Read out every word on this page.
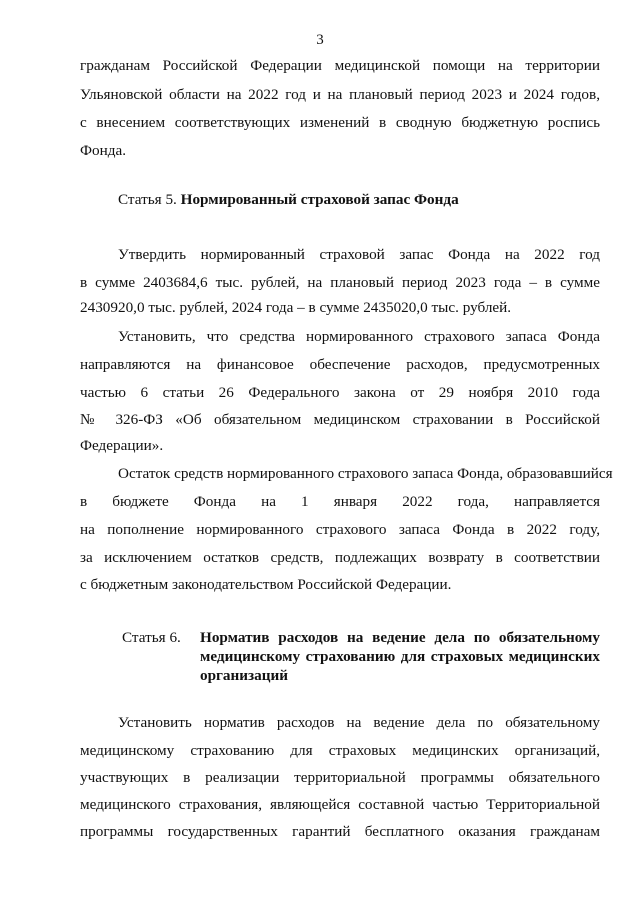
3
гражданам Российской Федерации медицинской помощи на территории
Ульяновской области на 2022 год и на плановый период 2023 и 2024 годов,
с внесением соответствующих изменений в сводную бюджетную роспись
Фонда.
Статья 5. Нормированный страховой запас Фонда
Утвердить нормированный страховой запас Фонда на 2022 год
в сумме 2403684,6 тыс. рублей, на плановый период 2023 года – в сумме
2430920,0 тыс. рублей, 2024 года – в сумме 2435020,0 тыс. рублей.
Установить, что средства нормированного страхового запаса Фонда
направляются на финансовое обеспечение расходов, предусмотренных
частью 6 статьи 26 Федерального закона от 29 ноября 2010 года
№ 326-ФЗ «Об обязательном медицинском страховании в Российской
Федерации».
Остаток средств нормированного страхового запаса Фонда, образовавшийся
в бюджете Фонда на 1 января 2022 года, направляется
на пополнение нормированного страхового запаса Фонда в 2022 году,
за исключением остатков средств, подлежащих возврату в соответствии
с бюджетным законодательством Российской Федерации.
Статья 6. Норматив расходов на ведение дела по обязательному
медицинскому страхованию для страховых медицинских
организаций
Установить норматив расходов на ведение дела по обязательному
медицинскому страхованию для страховых медицинских организаций,
участвующих в реализации территориальной программы обязательного
медицинского страхования, являющейся составной частью Территориальной
программы государственных гарантий бесплатного оказания гражданам
